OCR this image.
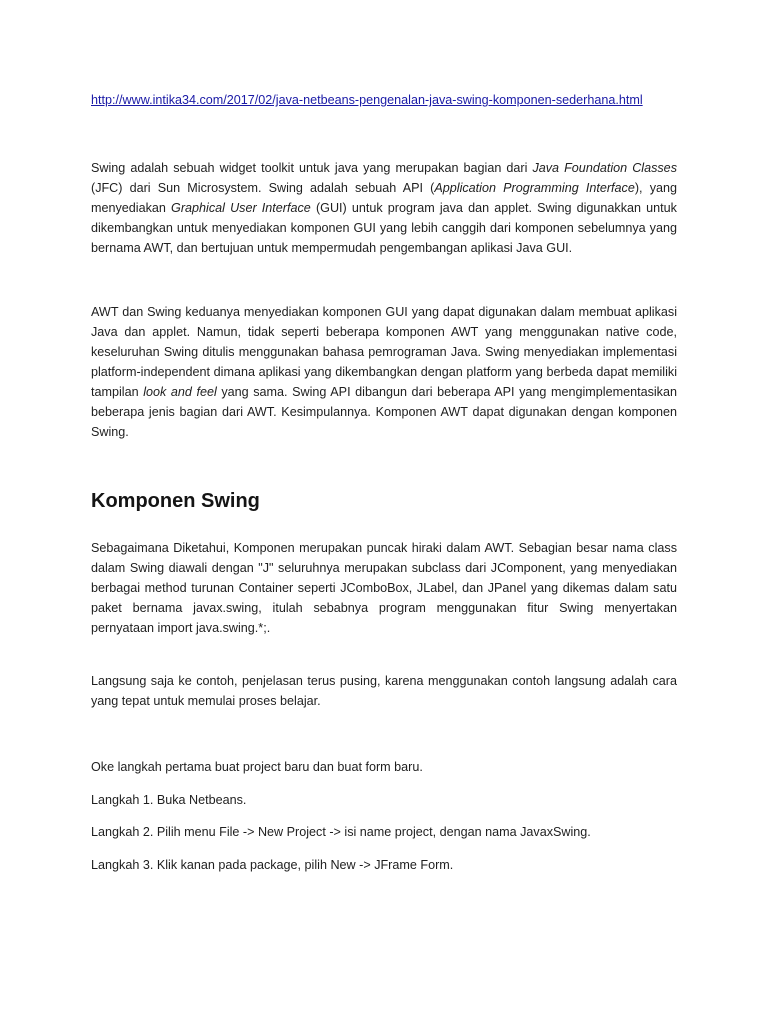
http://www.intika34.com/2017/02/java-netbeans-pengenalan-java-swing-komponen-sederhana.html

Swing adalah sebuah widget toolkit untuk java yang merupakan bagian dari Java Foundation Classes (JFC) dari Sun Microsystem. Swing adalah sebuah API (Application Programming Interface), yang menyediakan Graphical User Interface (GUI) untuk program java dan applet. Swing digunakkan untuk dikembangkan untuk menyediakan komponen GUI yang lebih canggih dari komponen sebelumnya yang bernama AWT, dan bertujuan untuk mempermudah pengembangan aplikasi Java GUI.

AWT dan Swing keduanya menyediakan komponen GUI yang dapat digunakan dalam membuat aplikasi Java dan applet. Namun, tidak seperti beberapa komponen AWT yang menggunakan native code, keseluruhan Swing ditulis menggunakan bahasa pemrograman Java. Swing menyediakan implementasi platform-independent dimana aplikasi yang dikembangkan dengan platform yang berbeda dapat memiliki tampilan look and feel yang sama. Swing API dibangun dari beberapa API yang mengimplementasikan beberapa jenis bagian dari AWT. Kesimpulannya. Komponen AWT dapat digunakan dengan komponen Swing.

Komponen Swing

Sebagaimana Diketahui, Komponen merupakan puncak hiraki dalam AWT. Sebagian besar nama class dalam Swing diawali dengan "J" seluruhnya merupakan subclass dari JComponent, yang menyediakan berbagai method turunan Container seperti JComboBox, JLabel, dan JPanel yang dikemas dalam satu paket bernama javax.swing, itulah sebabnya program menggunakan fitur Swing menyertakan pernyataan import java.swing.*;.

Langsung saja ke contoh, penjelasan terus pusing, karena menggunakan contoh langsung adalah cara yang tepat untuk memulai proses belajar.

Oke langkah pertama buat project baru dan buat form baru.

Langkah 1. Buka Netbeans.

Langkah 2. Pilih menu File -> New Project -> isi name project, dengan nama JavaxSwing.

Langkah 3. Klik kanan pada package, pilih New -> JFrame Form.
